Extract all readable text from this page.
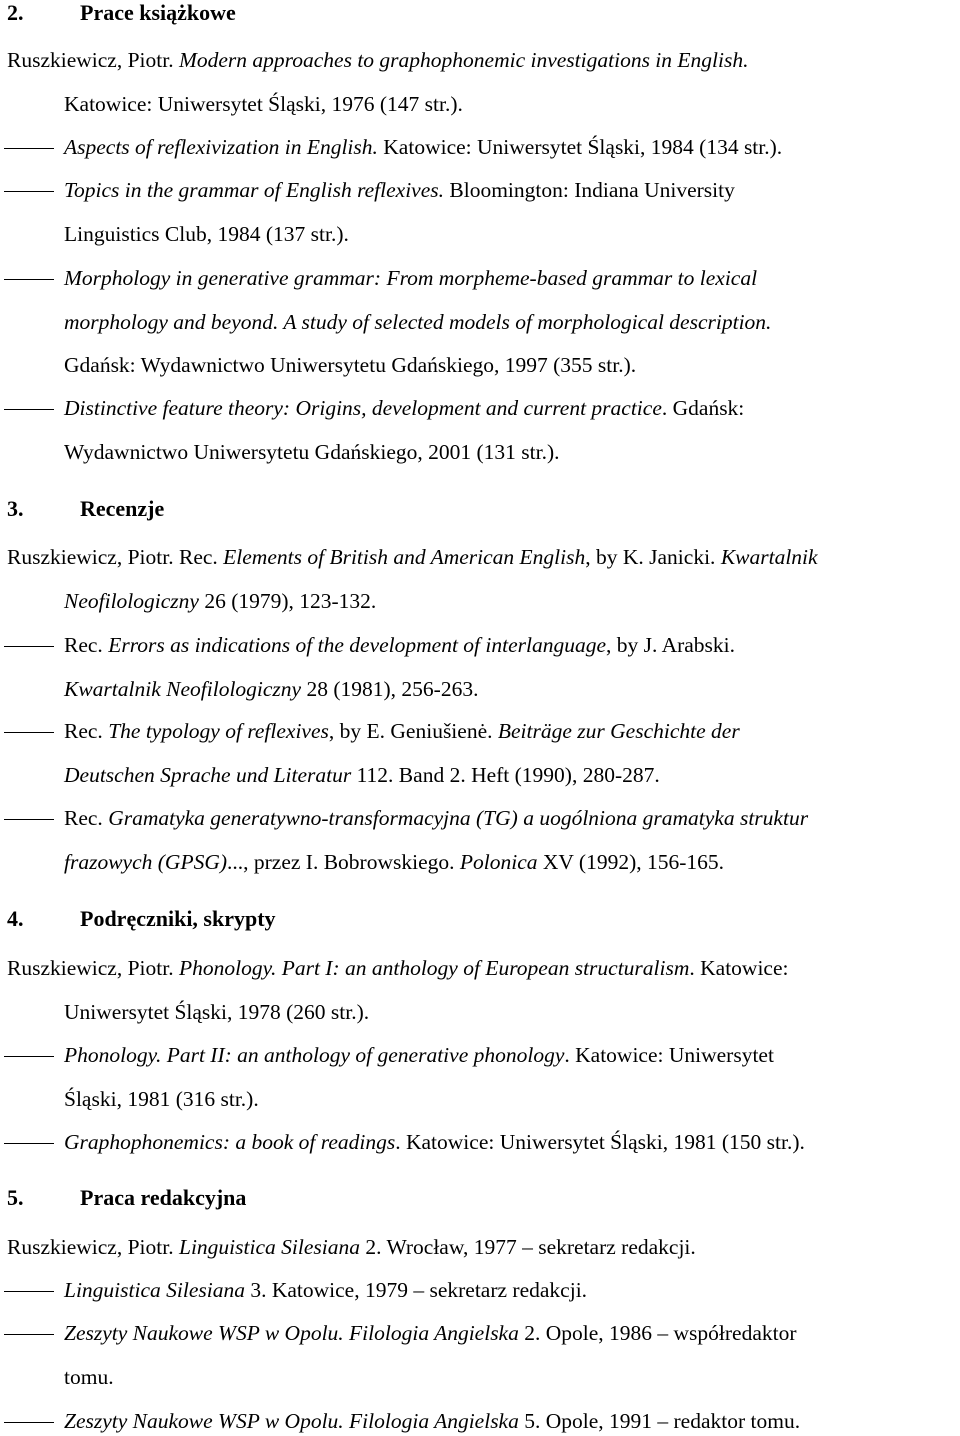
2.	Prace książkowe
Ruszkiewicz, Piotr. Modern approaches to graphophonemic investigations in English.
Katowice: Uniwersytet Śląski, 1976 (147 str.).
Aspects of reflexivization in English. Katowice: Uniwersytet Śląski, 1984 (134 str.).
Topics in the grammar of English reflexives. Bloomington: Indiana University
Linguistics Club, 1984 (137 str.).
Morphology in generative grammar: From morpheme-based grammar to lexical
morphology and beyond. A study of selected models of morphological description.
Gdańsk: Wydawnictwo Uniwersytetu Gdańskiego, 1997 (355 str.).
Distinctive feature theory: Origins, development and current practice. Gdańsk:
Wydawnictwo Uniwersytetu Gdańskiego, 2001 (131 str.).
3.	Recenzje
Ruszkiewicz, Piotr. Rec. Elements of British and American English, by K. Janicki. Kwartalnik
Neofilologiczny 26 (1979), 123-132.
Rec. Errors as indications of the development of interlanguage, by J. Arabski.
Kwartalnik Neofilologiczny 28 (1981), 256-263.
Rec. The typology of reflexives, by E. Geniušienė. Beiträge zur Geschichte der
Deutschen Sprache und Literatur 112. Band 2. Heft (1990), 280-287.
Rec. Gramatyka generatywno-transformacyjna (TG) a uogólniona gramatyka struktur
frazowych (GPSG)..., przez I. Bobrowskiego. Polonica XV (1992), 156-165.
4.	Podręczniki, skrypty
Ruszkiewicz, Piotr. Phonology. Part I: an anthology of European structuralism. Katowice:
Uniwersytet Śląski, 1978 (260 str.).
Phonology. Part II: an anthology of generative phonology. Katowice: Uniwersytet
Śląski, 1981 (316 str.).
Graphophonemics: a book of readings. Katowice: Uniwersytet Śląski, 1981 (150 str.).
5.	Praca redakcyjna
Ruszkiewicz, Piotr. Linguistica Silesiana 2. Wrocław, 1977 – sekretarz redakcji.
Linguistica Silesiana 3. Katowice, 1979 – sekretarz redakcji.
Zeszyty Naukowe WSP w Opolu. Filologia Angielska 2. Opole, 1986 – współredaktor
tomu.
Zeszyty Naukowe WSP w Opolu. Filologia Angielska 5. Opole, 1991 – redaktor tomu.
